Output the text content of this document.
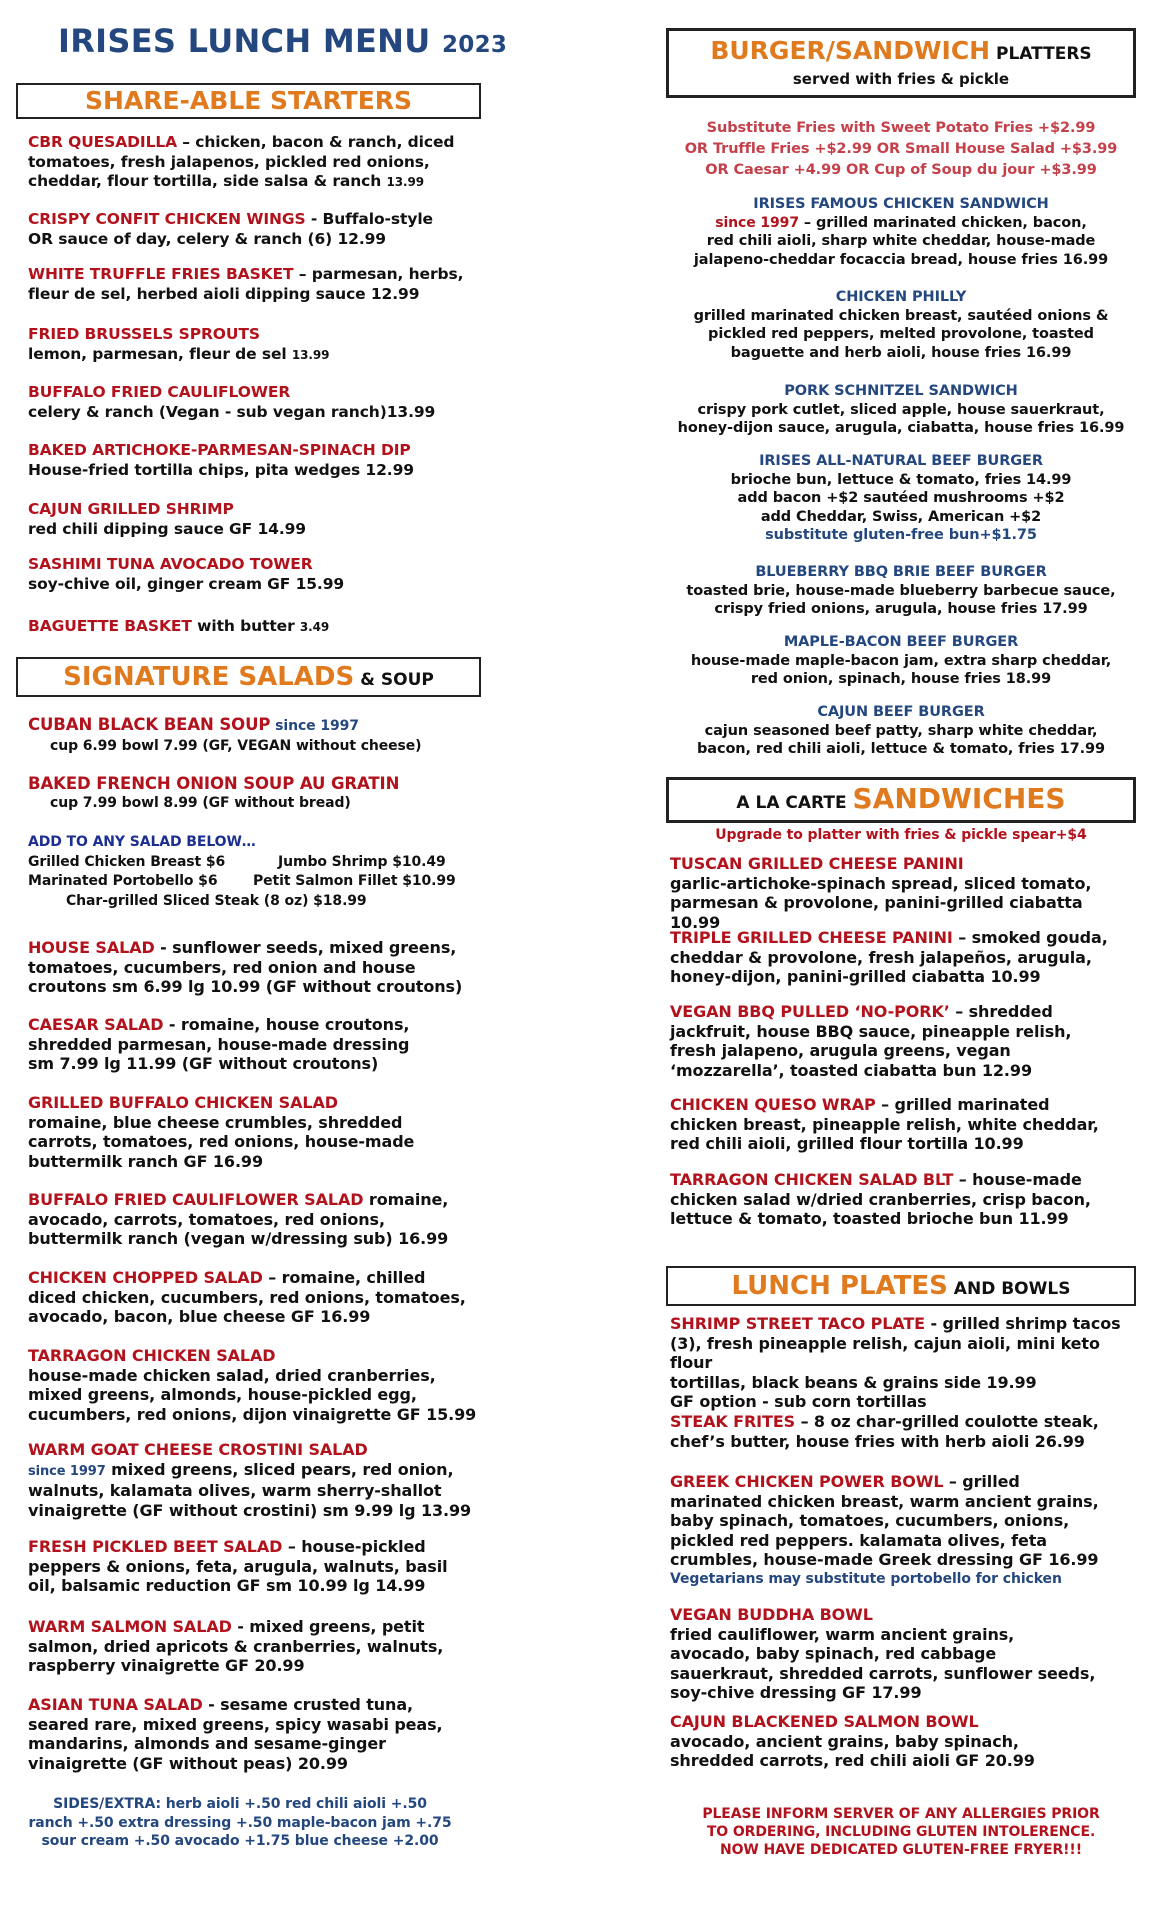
IRISES LUNCH MENU 2023
SHARE-ABLE STARTERS
CBR QUESADILLA – chicken, bacon & ranch, diced
tomatoes, fresh jalapenos, pickled red onions,
cheddar, flour tortilla, side salsa & ranch 13.99
CRISPY CONFIT CHICKEN WINGS - Buffalo-style
OR sauce of day, celery & ranch (6) 12.99
WHITE TRUFFLE FRIES BASKET – parmesan, herbs,
fleur de sel, herbed aioli dipping sauce 12.99
FRIED BRUSSELS SPROUTS
lemon, parmesan, fleur de sel 13.99
BUFFALO FRIED CAULIFLOWER
celery & ranch (Vegan - sub vegan ranch)13.99
BAKED ARTICHOKE-PARMESAN-SPINACH DIP
House-fried tortilla chips, pita wedges 12.99
CAJUN GRILLED SHRIMP
red chili dipping sauce GF 14.99
SASHIMI TUNA AVOCADO TOWER
soy-chive oil, ginger cream GF 15.99
BAGUETTE BASKET with butter 3.49
SIGNATURE SALADS & SOUP
CUBAN BLACK BEAN SOUP since 1997
cup 6.99 bowl 7.99 (GF, VEGAN without cheese)
BAKED FRENCH ONION SOUP AU GRATIN
cup 7.99 bowl 8.99 (GF without bread)
ADD TO ANY SALAD BELOW…
Grilled Chicken Breast $6	Jumbo Shrimp $10.49
Marinated Portobello $6	Petit Salmon Fillet $10.99
Char-grilled Sliced Steak (8 oz) $18.99
HOUSE SALAD - sunflower seeds, mixed greens,
tomatoes, cucumbers, red onion and house
croutons sm 6.99 lg 10.99 (GF without croutons)
CAESAR SALAD - romaine, house croutons,
shredded parmesan, house-made dressing
sm 7.99 lg 11.99 (GF without croutons)
GRILLED BUFFALO CHICKEN SALAD
romaine, blue cheese crumbles, shredded
carrots, tomatoes, red onions, house-made
buttermilk ranch GF 16.99
BUFFALO FRIED CAULIFLOWER SALAD romaine,
avocado, carrots, tomatoes, red onions,
buttermilk ranch (vegan w/dressing sub) 16.99
CHICKEN CHOPPED SALAD – romaine, chilled
diced chicken, cucumbers, red onions, tomatoes,
avocado, bacon, blue cheese GF 16.99
TARRAGON CHICKEN SALAD
house-made chicken salad, dried cranberries,
mixed greens, almonds, house-pickled egg,
cucumbers, red onions, dijon vinaigrette GF 15.99
WARM GOAT CHEESE CROSTINI SALAD
since 1997 mixed greens, sliced pears, red onion,
walnuts, kalamata olives, warm sherry-shallot
vinaigrette (GF without crostini) sm 9.99 lg 13.99
FRESH PICKLED BEET SALAD – house-pickled
peppers & onions, feta, arugula, walnuts, basil
oil, balsamic reduction GF sm 10.99 lg 14.99
WARM SALMON SALAD - mixed greens, petit
salmon, dried apricots & cranberries, walnuts,
raspberry vinaigrette GF 20.99
ASIAN TUNA SALAD - sesame crusted tuna,
seared rare, mixed greens, spicy wasabi peas,
mandarins, almonds and sesame-ginger
vinaigrette (GF without peas) 20.99
SIDES/EXTRA: herb aioli +.50 red chili aioli +.50
ranch +.50 extra dressing +.50 maple-bacon jam +.75
sour cream +.50 avocado +1.75 blue cheese +2.00
BURGER/SANDWICH PLATTERS
served with fries & pickle
Substitute Fries with Sweet Potato Fries +$2.99
OR Truffle Fries +$2.99 OR Small House Salad +$3.99
OR Caesar +4.99 OR Cup of Soup du jour +$3.99
IRISES FAMOUS CHICKEN SANDWICH
since 1997 – grilled marinated chicken, bacon,
red chili aioli, sharp white cheddar, house-made
jalapeno-cheddar focaccia bread, house fries 16.99
CHICKEN PHILLY
grilled marinated chicken breast, sautéed onions &
pickled red peppers, melted provolone, toasted
baguette and herb aioli, house fries 16.99
PORK SCHNITZEL SANDWICH
crispy pork cutlet, sliced apple, house sauerkraut,
honey-dijon sauce, arugula, ciabatta, house fries 16.99
IRISES ALL-NATURAL BEEF BURGER
brioche bun, lettuce & tomato, fries 14.99
add bacon +$2 sautéed mushrooms +$2
add Cheddar, Swiss, American +$2
substitute gluten-free bun+$1.75
BLUEBERRY BBQ BRIE BEEF BURGER
toasted brie, house-made blueberry barbecue sauce,
crispy fried onions, arugula, house fries 17.99
MAPLE-BACON BEEF BURGER
house-made maple-bacon jam, extra sharp cheddar,
red onion, spinach, house fries 18.99
CAJUN BEEF BURGER
cajun seasoned beef patty, sharp white cheddar,
bacon, red chili aioli, lettuce & tomato, fries 17.99
A LA CARTE SANDWICHES
Upgrade to platter with fries & pickle spear+$4
TUSCAN GRILLED CHEESE PANINI
garlic-artichoke-spinach spread, sliced tomato,
parmesan & provolone, panini-grilled ciabatta 10.99
TRIPLE GRILLED CHEESE PANINI – smoked gouda,
cheddar & provolone, fresh jalapeños, arugula,
honey-dijon, panini-grilled ciabatta 10.99
VEGAN BBQ PULLED ‘NO-PORK’ – shredded
jackfruit, house BBQ sauce, pineapple relish,
fresh jalapeno, arugula greens, vegan
‘mozzarella’, toasted ciabatta bun 12.99
CHICKEN QUESO WRAP – grilled marinated
chicken breast, pineapple relish, white cheddar,
red chili aioli, grilled flour tortilla 10.99
TARRAGON CHICKEN SALAD BLT – house-made
chicken salad w/dried cranberries, crisp bacon,
lettuce & tomato, toasted brioche bun 11.99
LUNCH PLATES AND BOWLS
SHRIMP STREET TACO PLATE - grilled shrimp tacos
(3), fresh pineapple relish, cajun aioli, mini keto flour
tortillas, black beans & grains side 19.99
GF option - sub corn tortillas
STEAK FRITES – 8 oz char-grilled coulotte steak,
chef’s butter, house fries with herb aioli 26.99
GREEK CHICKEN POWER BOWL – grilled
marinated chicken breast, warm ancient grains,
baby spinach, tomatoes, cucumbers, onions,
pickled red peppers. kalamata olives, feta
crumbles, house-made Greek dressing GF 16.99
Vegetarians may substitute portobello for chicken
VEGAN BUDDHA BOWL
fried cauliflower, warm ancient grains,
avocado, baby spinach, red cabbage
sauerkraut, shredded carrots, sunflower seeds,
soy-chive dressing GF 17.99
CAJUN BLACKENED SALMON BOWL
avocado, ancient grains, baby spinach,
shredded carrots, red chili aioli GF 20.99
PLEASE INFORM SERVER OF ANY ALLERGIES PRIOR
TO ORDERING, INCLUDING GLUTEN INTOLERENCE.
NOW HAVE DEDICATED GLUTEN-FREE FRYER!!!
